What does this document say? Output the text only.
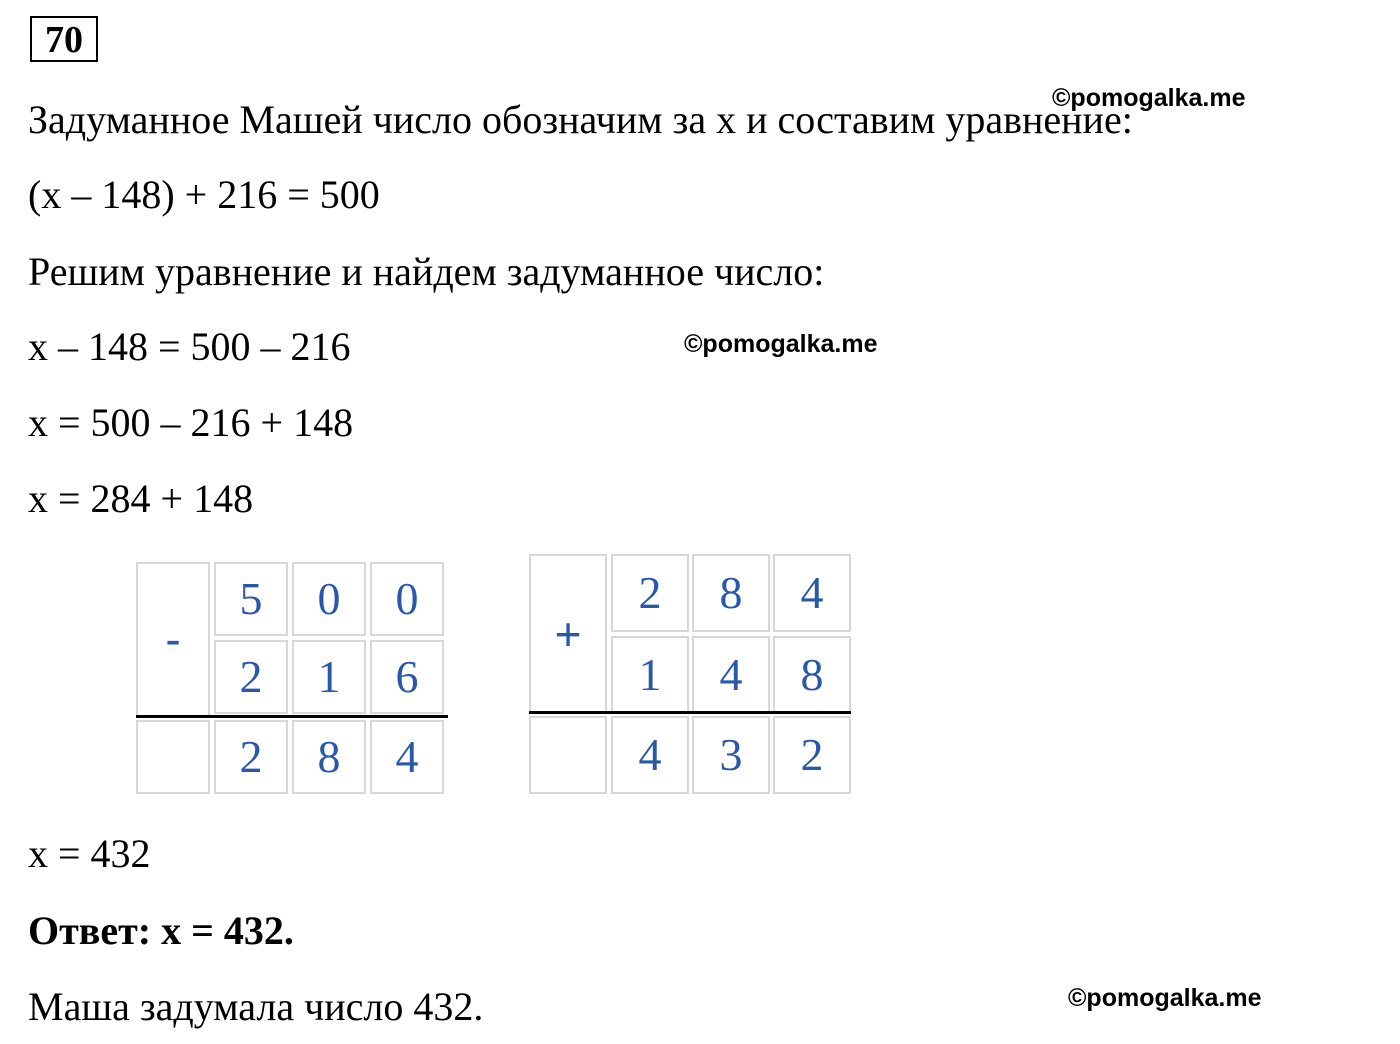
70
©pomogalka.me
Задуманное Машей число обозначим за x и составим уравнение:
(x – 148) + 216 = 500
Решим уравнение и найдем задуманное число:
x – 148 = 500 – 216	©pomogalka.me
x = 500 – 216 + 148
x = 284 + 148
-
5	0	0
2	1	6
2	8	4
+
2	8	4
1	4	8
4	3	2
x = 432
Ответ: x = 432.
Маша задумала число 432.	©pomogalka.me
